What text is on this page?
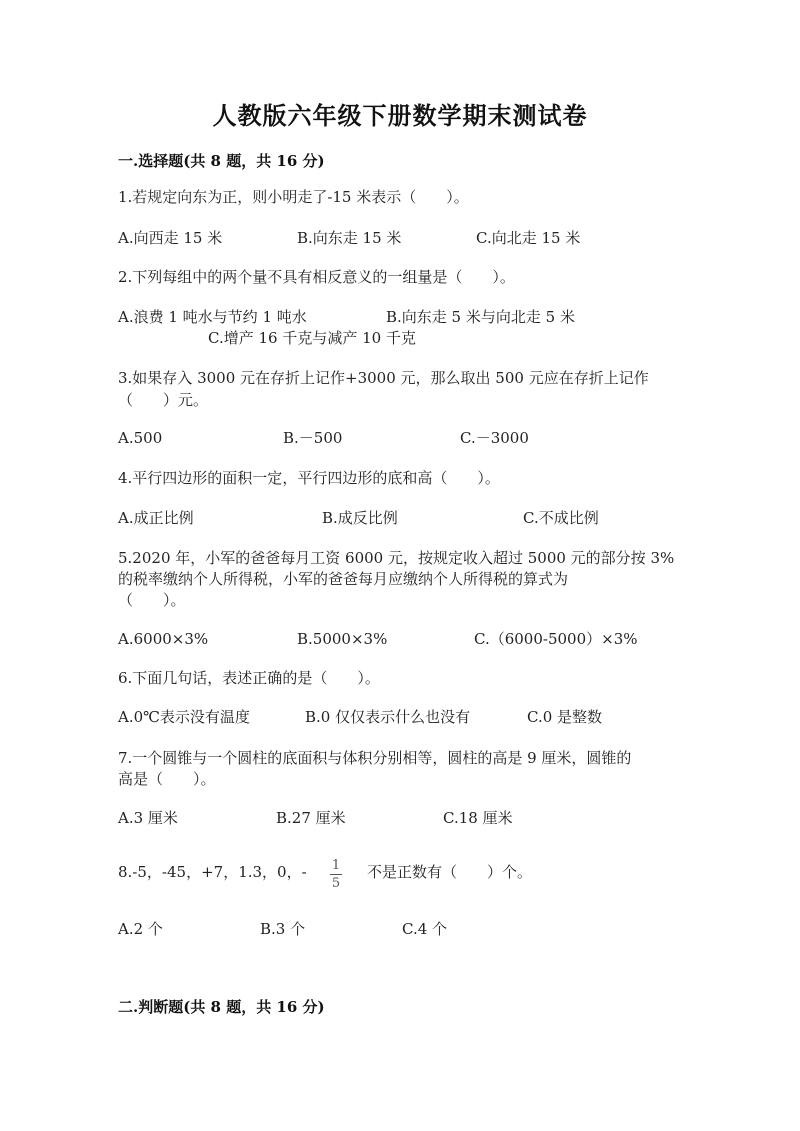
人教版六年级下册数学期末测试卷
一.选择题(共 8 题，共 16 分)
1.若规定向东为正，则小明走了-15 米表示（　　）。
A.向西走 15 米	B.向东走 15 米	C.向北走 15 米
2.下列每组中的两个量不具有相反意义的一组量是（　　）。
A.浪费 1 吨水与节约 1 吨水	B.向东走 5 米与向北走 5 米
C.增产 16 千克与减产 10 千克
3.如果存入 3000 元在存折上记作+3000 元，那么取出 500 元应在存折上记作
（　　）元。
A.500	B.－500	C.－3000
4.平行四边形的面积一定，平行四边形的底和高（　　）。
A.成正比例	B.成反比例	C.不成比例
5.2020 年，小军的爸爸每月工资 6000 元，按规定收入超过 5000 元的部分按 3%
的税率缴纳个人所得税，小军的爸爸每月应缴纳个人所得税的算式为
（　　）。
A.6000×3%	B.5000×3%	C.（6000-5000）×3%
6.下面几句话，表述正确的是（　　）。
A.0℃表示没有温度	B.0 仅仅表示什么也没有	C.0 是整数
7.一个圆锥与一个圆柱的底面积与体积分别相等，圆柱的高是 9 厘米，圆锥的
高是（　　）。
A.3 厘米	B.27 厘米	C.18 厘米
8.-5，-45，+7，1.3，0，- 1
5
不是正数有（　　）个。
A.2 个	B.3 个	C.4 个
二.判断题(共 8 题，共 16 分)
